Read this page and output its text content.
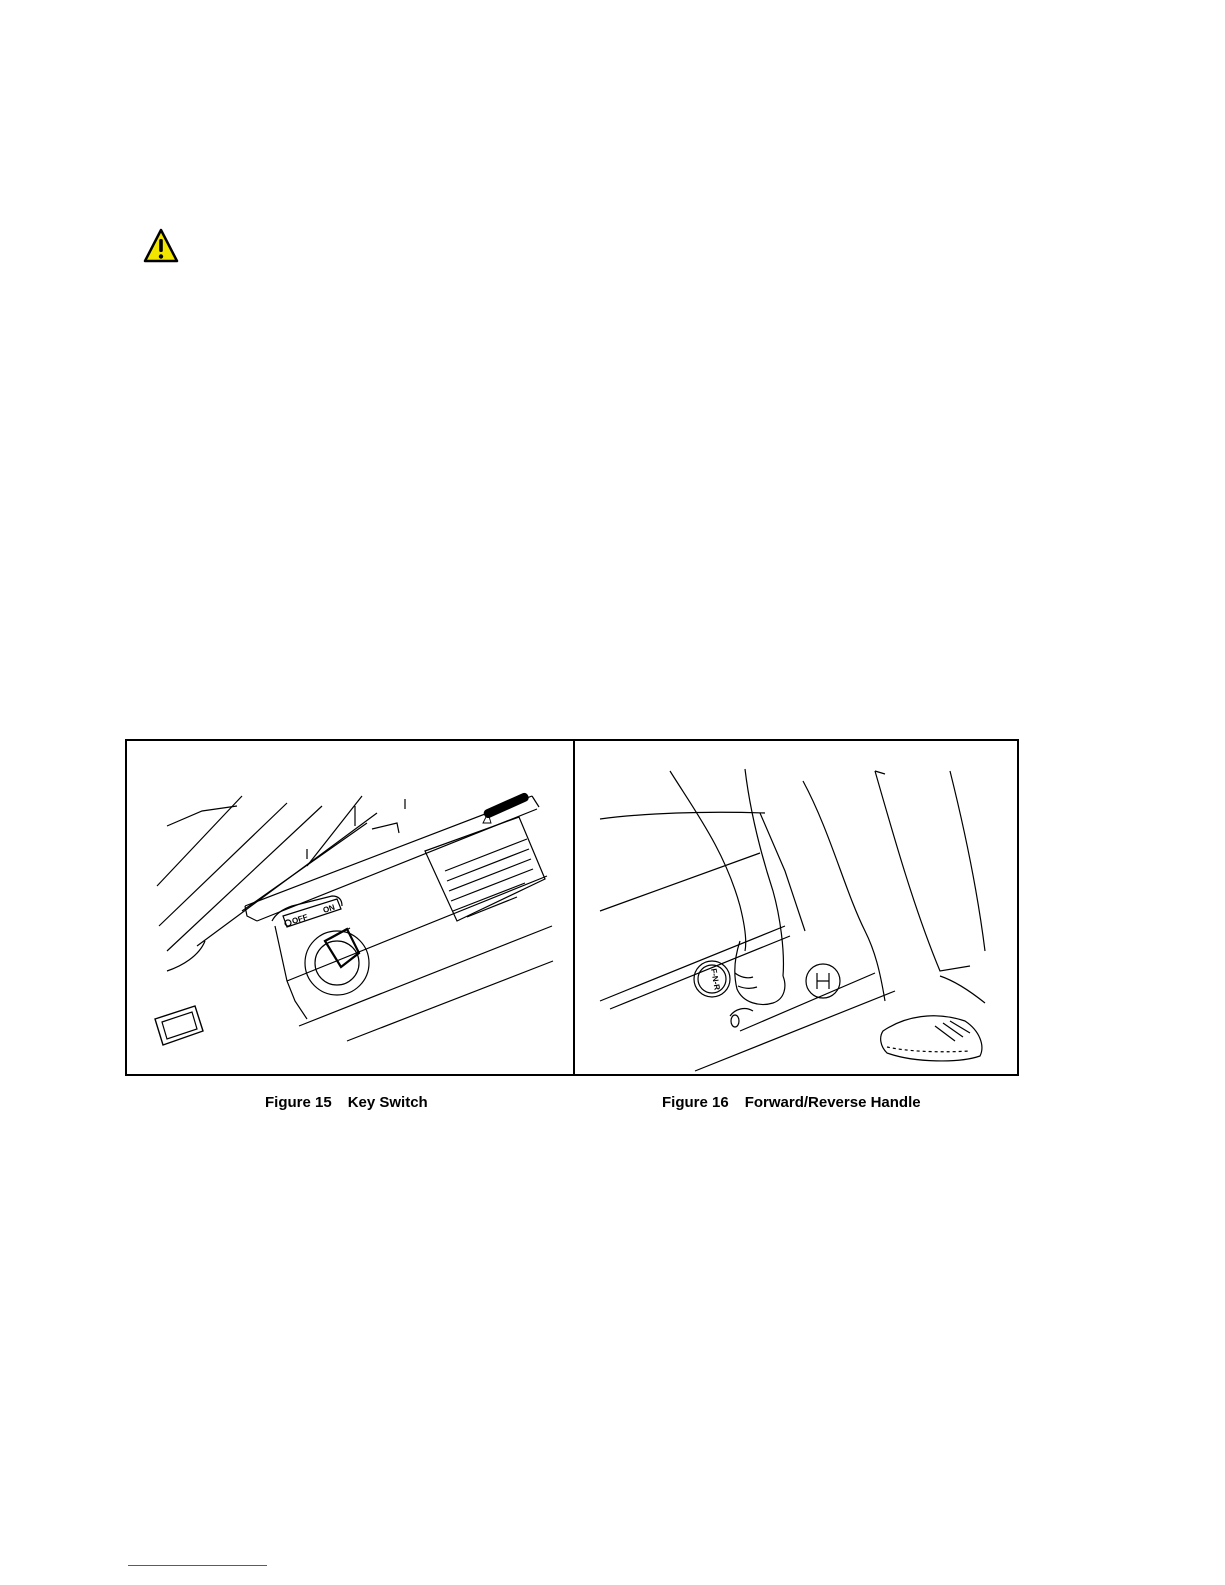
OFF
ON
F-N-R
Figure 15 Key Switch	Figure 16 Forward/Reverse Handle
